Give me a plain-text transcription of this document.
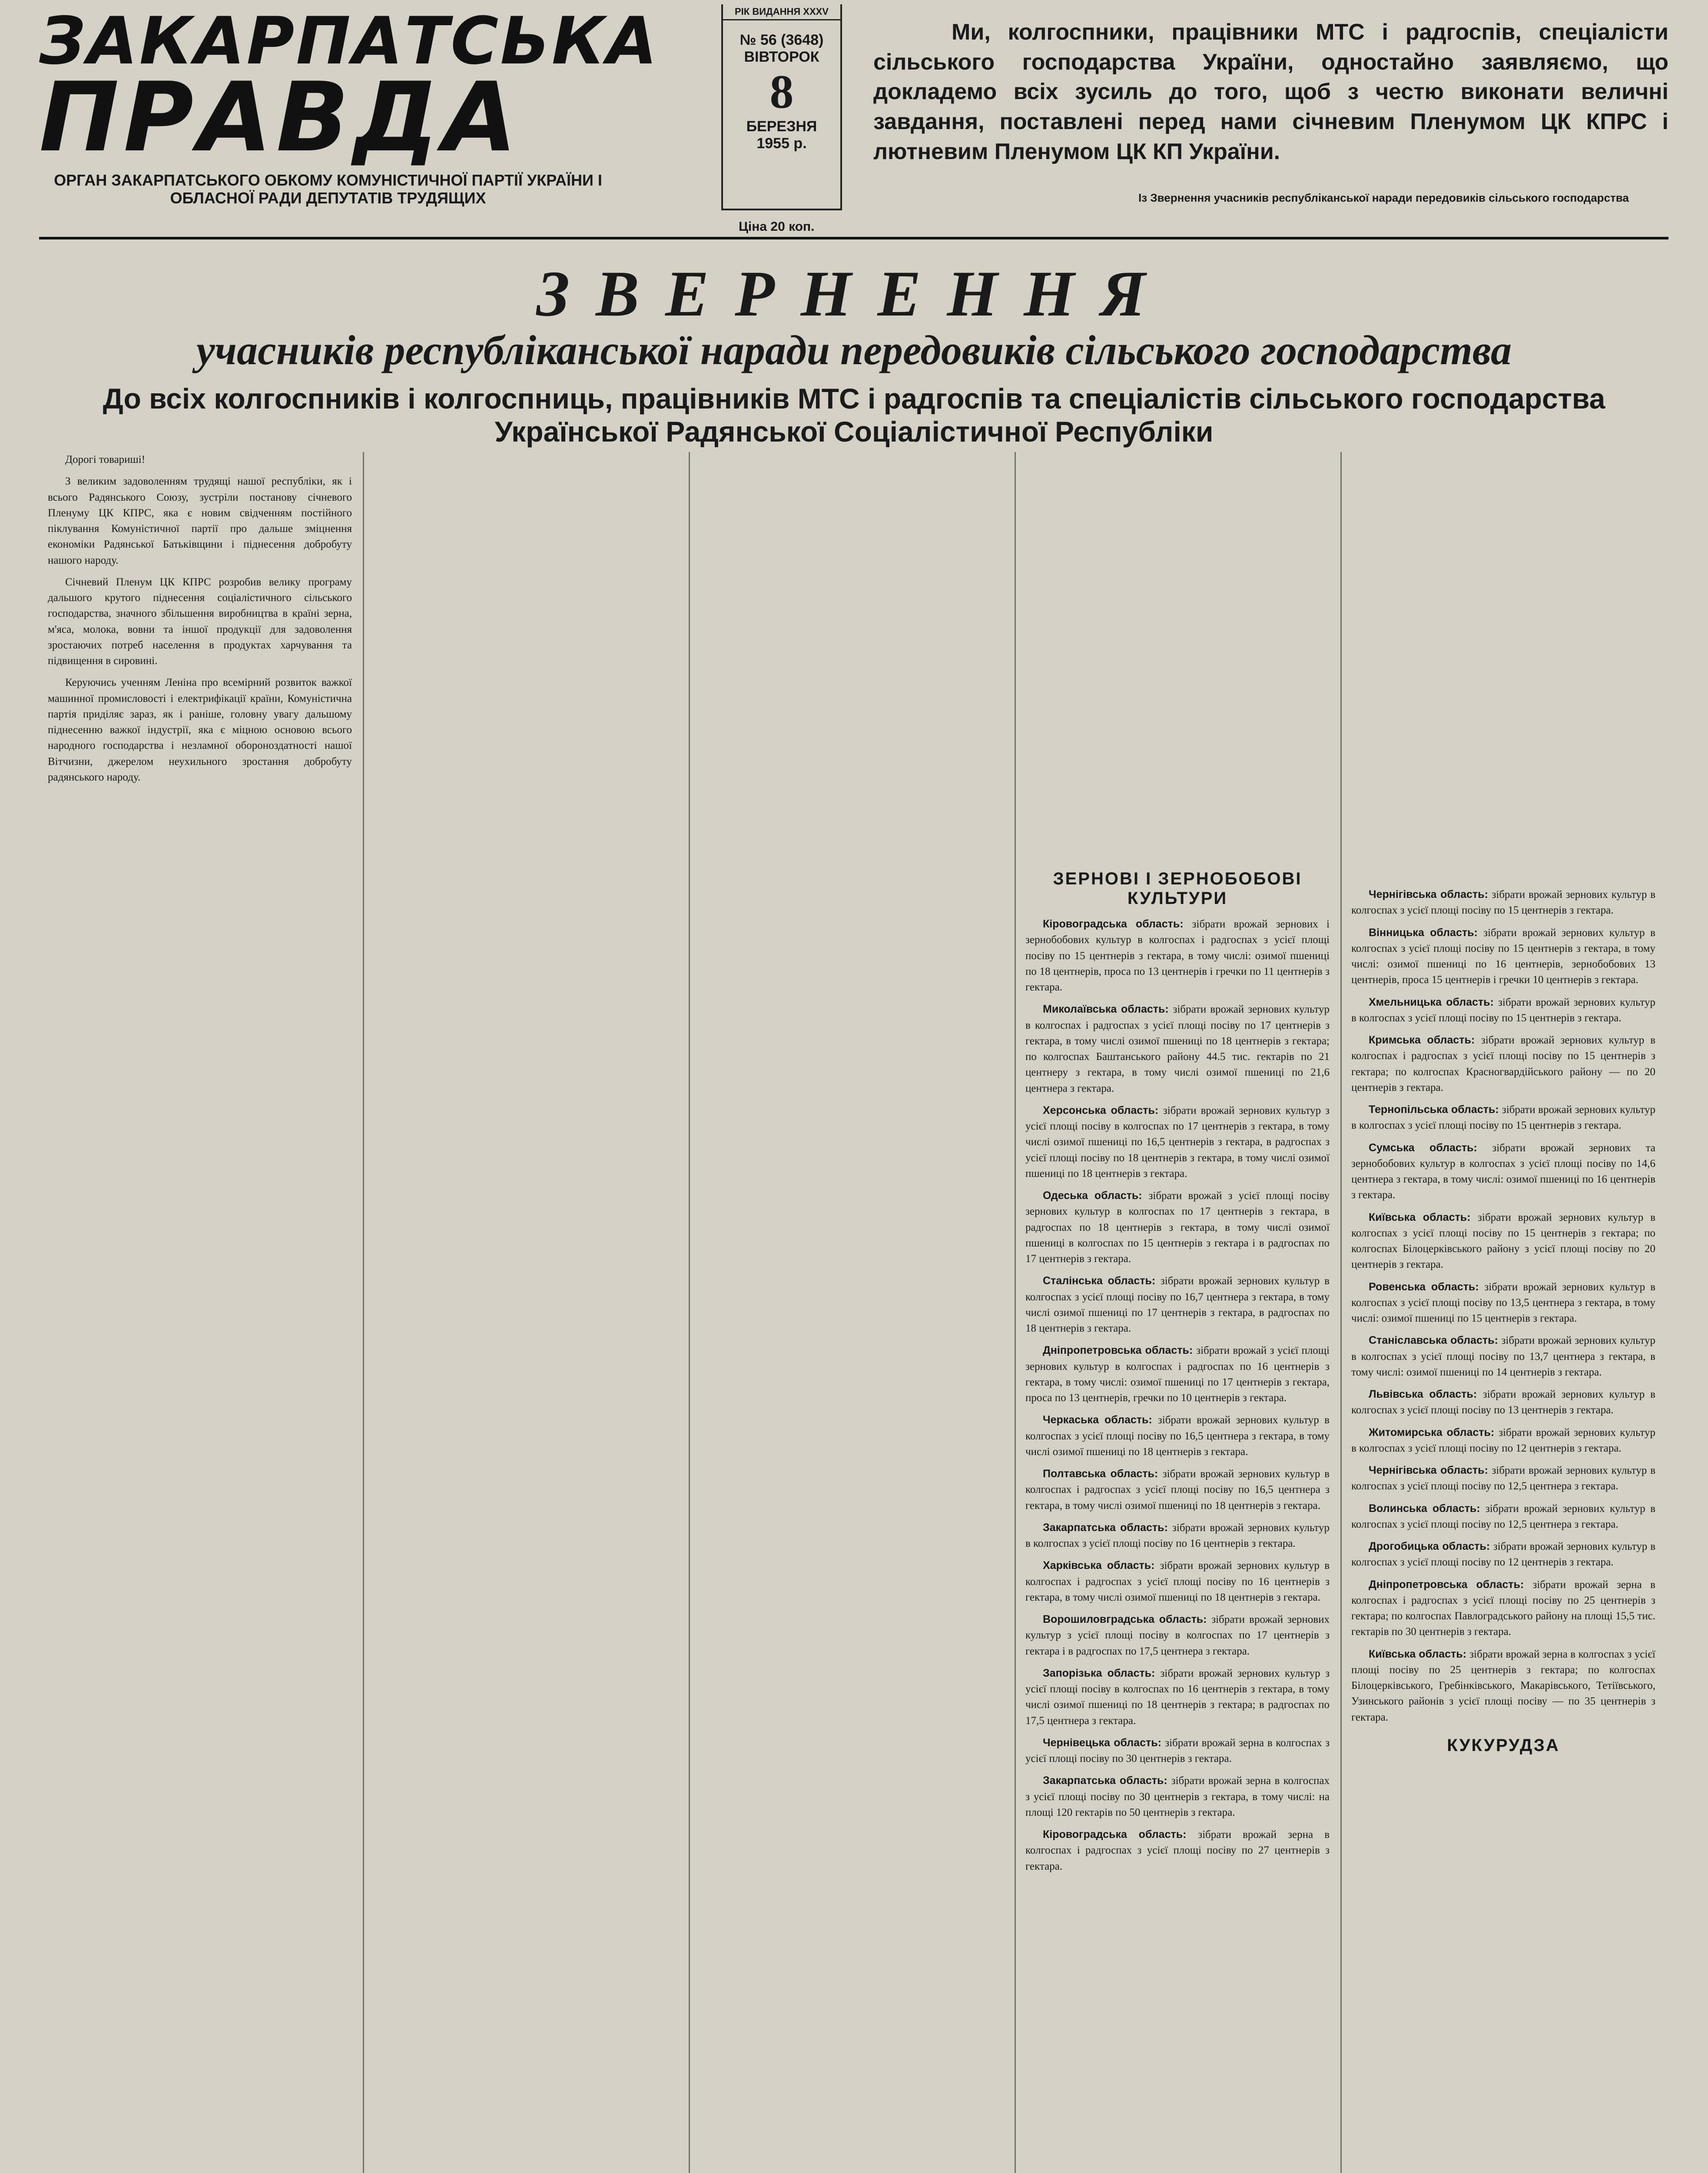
ЗАКАРПАТСЬКА
ПРАВДА
ОРГАН ЗАКАРПАТСЬКОГО ОБКОМУ КОМУНІСТИЧНОЇ ПАРТІЇ УКРАЇНИ І ОБЛАСНОЇ РАДИ ДЕПУТАТІВ ТРУДЯЩИХ
РІК ВИДАННЯ XXXV
№ 56 (3648)
ВІВТОРОК
8
БЕРЕЗНЯ
1955 р.
Ціна 20 коп.
Ми, колгоспники, працівники МТС і радгоспів, спеціалісти сільського господарства України, одностайно заявляємо, що докладемо всіх зусиль до того, щоб з честю виконати величні завдання, поставлені перед нами січневим Пленумом ЦК КПРС і лютневим Пленумом ЦК КП України.
Із Звернення учасників республіканської наради передовиків сільського господарства
ЗВЕРНЕННЯ
учасників республіканської наради передовиків сільського господарства
До всіх колгоспників і колгоспниць, працівників МТС і радгоспів та спеціалістів сільського господарства Української Радянської Соціалістичної Республіки

Дорогі товариші!

З великим задоволенням трудящі нашої республіки, як і всього Радянського Союзу, зустріли постанову січневого Пленуму ЦК КПРС, яка є новим свідченням постійного піклування Комуністичної партії про дальше зміцнення економіки Радянської Батьківщини і піднесення добробуту нашого народу.

Січневий Пленум ЦК КПРС розробив велику програму дальшого крутого піднесення соціалістичного сільського господарства, значного збільшення виробництва в країні зерна, м'яса, молока, вовни та іншої продукції для задоволення зростаючих потреб населення в продуктах харчування та підвищення в сировині.

Керуючись ученням Леніна про всемірний розвиток важкої машинної промисловості і електрифікації країни, Комуністична партія приділяє зараз, як і раніше, головну увагу дальшому піднесенню важкої індустрії, яка є міцною основою всього народного господарства і незламної обороноздатності нашої Вітчизни, джерелом неухильного зростання добробуту радянського народу.

ЗЕРНОВІ І ЗЕРНОБОБОВІ КУЛЬТУРИ

Кіровоградська область: зібрати врожай зернових і зернобобових культур в колгоспах і радгоспах з усієї площі посіву по 15 центнерів з гектара, в тому числі: озимої пшениці по 18 центнерів, проса по 13 центнерів і гречки по 11 центнерів з гектара.

Миколаївська область: зібрати врожай зернових культур в колгоспах і радгоспах з усієї площі посіву по 17 центнерів з гектара, в тому числі озимої пшениці по 18 центнерів з гектара; по колгоспах Баштанського району 44.5 тис. гектарів по 21 центнеру з гектара, в тому числі озимої пшениці по 21,6 центнера з гектара.

Херсонська область: зібрати врожай зернових культур з усієї площі посіву в колгоспах по 17 центнерів з гектара, в тому числі озимої пшениці по 16,5 центнерів з гектара, в радгоспах з усієї площі посіву по 18 центнерів з гектара, в тому числі озимої пшениці по 18 центнерів з гектара.

Одеська область: зібрати врожай з усієї площі посіву зернових культур в колгоспах по 17 центнерів з гектара, в радгоспах по 18 центнерів з гектара, в тому числі озимої пшениці в колгоспах по 15 центнерів з гектара і в радгоспах по 17 центнерів з гектара.

Сталінська область: зібрати врожай зернових культур в колгоспах з усієї площі посіву по 16,7 центнера з гектара, в тому числі озимої пшениці по 17 центнерів з гектара, в радгоспах по 18 центнерів з гектара.

Дніпропетровська область: зібрати врожай з усієї площі зернових культур в колгоспах і радгоспах по 16 центнерів з гектара, в тому числі: озимої пшениці по 17 центнерів з гектара, проса по 13 центнерів, гречки по 10 центнерів з гектара.

Черкаська область: зібрати врожай зернових культур в колгоспах з усієї площі посіву по 16,5 центнера з гектара, в тому числі озимої пшениці по 18 центнерів з гектара.

Полтавська область: зібрати врожай зернових культур в колгоспах і радгоспах з усієї площі посіву по 16,5 центнера з гектара, в тому числі озимої пшениці по 18 центнерів з гектара.

Закарпатська область: зібрати врожай зернових культур в колгоспах з усієї площі посіву по 16 центнерів з гектара.

Харківська область: зібрати врожай зернових культур в колгоспах і радгоспах з усієї площі посіву по 16 центнерів з гектара, в тому числі озимої пшениці по 18 центнерів з гектара.

Ворошиловградська область: зібрати врожай зернових культур з усієї площі посіву в колгоспах по 17 центнерів з гектара і в радгоспах по 17,5 центнера з гектара.

Запорізька область: зібрати врожай зернових культур з усієї площі посіву в колгоспах по 16 центнерів з гектара, в тому числі озимої пшениці по 18 центнерів з гектара; в радгоспах по 17,5 центнера з гектара.

Чернівецька область: зібрати врожай зерна в колгоспах з усієї площі посіву по 30 центнерів з гектара.

Закарпатська область: зібрати врожай зерна в колгоспах з усієї площі посіву по 30 центнерів з гектара, в тому числі: на площі 120 гектарів по 50 центнерів з гектара.

Кіровоградська область: зібрати врожай зерна в колгоспах і радгоспах з усієї площі посіву по 27 центнерів з гектара.

Чернігівська область: зібрати врожай зернових культур в колгоспах з усієї площі посіву по 15 центнерів з гектара.

Вінницька область: зібрати врожай зернових культур в колгоспах з усієї площі посіву по 15 центнерів з гектара, в тому числі: озимої пшениці по 16 центнерів, зернобобових 13 центнерів, проса 15 центнерів і гречки 10 центнерів з гектара.

Хмельницька область: зібрати врожай зернових культур в колгоспах з усієї площі посіву по 15 центнерів з гектара.

Кримська область: зібрати врожай зернових культур в колгоспах і радгоспах з усієї площі посіву по 15 центнерів з гектара; по колгоспах Красногвардійського району — по 20 центнерів з гектара.

Тернопільська область: зібрати врожай зернових культур в колгоспах з усієї площі посіву по 15 центнерів з гектара.

Сумська область: зібрати врожай зернових та зернобобових культур в колгоспах з усієї площі посіву по 14,6 центнера з гектара, в тому числі: озимої пшениці по 16 центнерів з гектара.

Київська область: зібрати врожай зернових культур в колгоспах з усієї площі посіву по 15 центнерів з гектара; по колгоспах Білоцерківського району з усієї площі посіву по 20 центнерів з гектара.

Ровенська область: зібрати врожай зернових культур в колгоспах з усієї площі посіву по 13,5 центнера з гектара, в тому числі: озимої пшениці по 15 центнерів з гектара.

Станіславська область: зібрати врожай зернових культур в колгоспах з усієї площі посіву по 13,7 центнера з гектара, в тому числі: озимої пшениці по 14 центнерів з гектара.

Львівська область: зібрати врожай зернових культур в колгоспах з усієї площі посіву по 13 центнерів з гектара.

Житомирська область: зібрати врожай зернових культур в колгоспах з усієї площі посіву по 12 центнерів з гектара.

Чернігівська область: зібрати врожай зернових культур в колгоспах з усієї площі посіву по 12,5 центнера з гектара.

Волинська область: зібрати врожай зернових культур в колгоспах з усієї площі посіву по 12,5 центнера з гектара.

Дрогобицька область: зібрати врожай зернових культур в колгоспах з усієї площі посіву по 12 центнерів з гектара.

Дніпропетровська область: зібрати врожай зерна в колгоспах і радгоспах з усієї площі посіву по 25 центнерів з гектара; по колгоспах Павлоградського району на площі 15,5 тис. гектарів по 30 центнерів з гектара.

Київська область: зібрати врожай зерна в колгоспах з усієї площі посіву по 25 центнерів з гектара; по колгоспах Білоцерківського, Гребінківського, Макарівського, Тетіївського, Узинського районів з усієї площі посіву — по 35 центнерів з гектара.

КУКУРУДЗА
